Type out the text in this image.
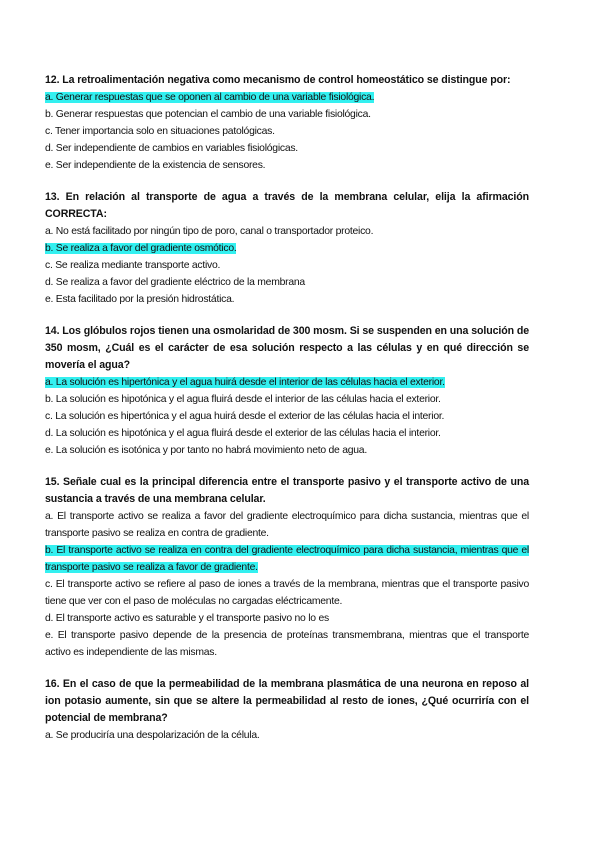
12. La retroalimentación negativa como mecanismo de control homeostático se distingue por:

a. Generar respuestas que se oponen al cambio de una variable fisiológica.

b. Generar respuestas que potencian el cambio de una variable fisiológica.

c. Tener importancia solo en situaciones patológicas.

d. Ser independiente de cambios en variables fisiológicas.

e. Ser independiente de la existencia de sensores.

13. En relación al transporte de agua a través de la membrana celular, elija la afirmación CORRECTA:

a. No está facilitado por ningún tipo de poro, canal o transportador proteico.

b. Se realiza a favor del gradiente osmótico.

c. Se realiza mediante transporte activo.

d. Se realiza a favor del gradiente eléctrico de la membrana

e. Esta facilitado por la presión hidrostática.

14. Los glóbulos rojos tienen una osmolaridad de 300 mosm. Si se suspenden en una solución de 350 mosm, ¿Cuál es el carácter de esa solución respecto a las células y en qué dirección se movería el agua?

a. La solución es hipertónica y el agua huirá desde el interior de las células hacia el exterior.

b. La solución es hipotónica y el agua fluirá desde el interior de las células hacia el exterior.

c. La solución es hipertónica y el agua huirá desde el exterior de las células hacia el interior.

d. La solución es hipotónica y el agua fluirá desde el exterior de las células hacia el interior.

e. La solución es isotónica y por tanto no habrá movimiento neto de agua.

15. Señale cual es la principal diferencia entre el transporte pasivo y el transporte activo de una sustancia a través de una membrana celular.

a. El transporte activo se realiza a favor del gradiente electroquímico para dicha sustancia, mientras que el transporte pasivo se realiza en contra de gradiente.

b. El transporte activo se realiza en contra del gradiente electroquímico para dicha sustancia, mientras que el transporte pasivo se realiza a favor de gradiente.

c. El transporte activo se refiere al paso de iones a través de la membrana, mientras que el transporte pasivo tiene que ver con el paso de moléculas no cargadas eléctricamente.

d. El transporte activo es saturable y el transporte pasivo no lo es

e. El transporte pasivo depende de la presencia de proteínas transmembrana, mientras que el transporte activo es independiente de las mismas.

16. En el caso de que la permeabilidad de la membrana plasmática de una neurona en reposo al ion potasio aumente, sin que se altere la permeabilidad al resto de iones, ¿Qué ocurriría con el potencial de membrana?

a. Se produciría una despolarización de la célula.
